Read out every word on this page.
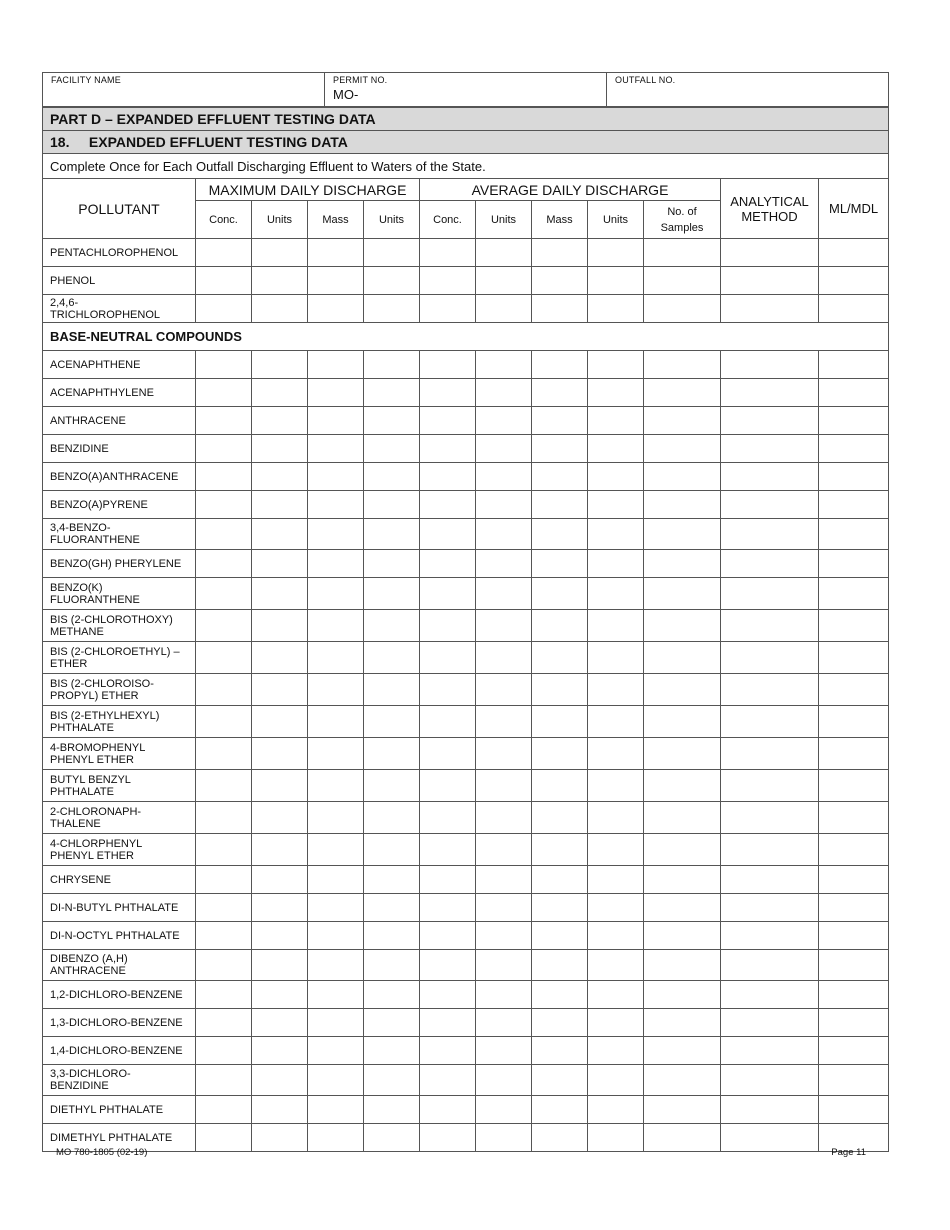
FACILITY NAME	PERMIT NO.
MO-

OUTFALL NO.
PART D – EXPANDED EFFLUENT TESTING DATA											
18. EXPANDED EFFLUENT TESTING DATA											
Complete Once for Each Outfall Discharging Effluent to Waters of the State.											
POLLUTANT	MAXIMUM DAILY DISCHARGE				AVERAGE DAILY DISCHARGE					ANALYTICAL METHOD	ML/MDL
	Conc.	Units	Mass	Units	Conc.	Units	Mass	Units	No. of Samples		
PENTACHLOROPHENOL											
PHENOL											
2,4,6-TRICHLOROPHENOL											
BASE-NEUTRAL COMPOUNDS											
ACENAPHTHENE											
ACENAPHTHYLENE											
ANTHRACENE											
BENZIDINE											
BENZO(A)ANTHRACENE											
BENZO(A)PYRENE											
3,4-BENZO- FLUORANTHENE											
BENZO(GH) PHERYLENE											
BENZO(K) FLUORANTHENE											
BIS (2-CHLOROTHOXY) METHANE											
BIS (2-CHLOROETHYL) – ETHER											
BIS (2-CHLOROISO- PROPYL) ETHER											
BIS (2-ETHYLHEXYL) PHTHALATE											
4-BROMOPHENYL PHENYL ETHER											
BUTYL BENZYL PHTHALATE											
2-CHLORONAPH- THALENE											
4-CHLORPHENYL PHENYL ETHER											
CHRYSENE											
DI-N-BUTYL PHTHALATE											
DI-N-OCTYL PHTHALATE											
DIBENZO (A,H) ANTHRACENE											
1,2-DICHLORO-BENZENE											
1,3-DICHLORO-BENZENE											
1,4-DICHLORO-BENZENE											
3,3-DICHLORO- BENZIDINE											
DIETHYL PHTHALATE											
DIMETHYL PHTHALATE											
MO 780-1805 (02-19)	Page 11
